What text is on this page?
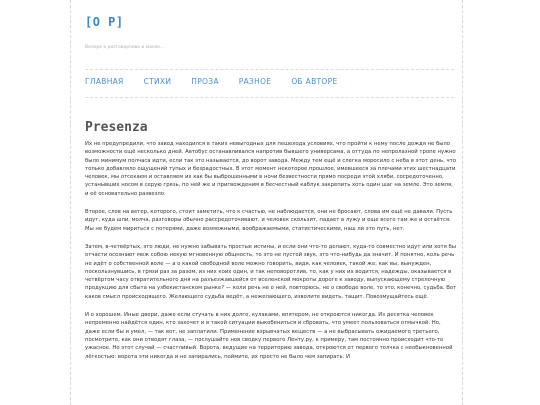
[O P]
Велорк о разговорчиво и маске...
ГЛАВНАЯ	СТИХИ	ПРОЗА	РАЗНОЕ	ОБ АВТОРЕ
Presenza

Их не предупредили, что завод находился в таких невыгодных для пешехода условиях, что пройти к нему после дождя не было возможности ещё несколько дней. Автобус останавливался напротив бывшего универсама, а оттуда по непролазной тропе нужно было минимум полчаса идти, если так это называется, до ворот завода. Между тем ещё и слегка моросило с неба в этот день, что только добавляло ощущений тупых и безрадостных. В этот момент некоторое прошлое, имевшееся за плечами этих шестнадцати человек, мы отсекаем и оставляем их как бы выброшенными в ночи безвестности прямо посреди этой хляби, сосредоточенно, устанывших носом в серую грязь, по ней же и пригвожденим в бесчестный каблук закрепить хоть один шаг на земле. Это земля, и её основательно развезло.

Второе, слов на ветер, которого, стоит заметить, что к счастью, не наблюдается, они не бросают, слова им ещё не давали. Пусть идут, куда шли, молча, разговоры обычно рассредоточивают, и человек скользит, падает в лужу и еще всего там же и остаётся. Мы не будем мириться с потерями, даже возможными, воображаемыми, статистическими, наш ли это путь, нет.

Затем, в-четвёртых, это люди, не нужно забывать простые истины, и если они что-то делают, куда-то совместно идут или хотя бы отчасти осознают меж собою некую мгновенную общность, то это не пустой звук, это что-нибудь да значит. И понятно, коль речь не идёт о собственной воле — а о какой свободной воле можно говорить, видя, как человек, такой же, как вы, вынужден, поскользнувшись, в грязи раз за разом, из них коих один, и так неповоротлив, то, как у них их водится, надежды, оказывается в четвёртом часу отвратительного дня на разъезжавшейся от вселенской мокроты дороге к заводу, выпускающему стрелочную продукцию для сбыта на узбекистанском рынке? — коли речь не о ней, повторюсь, не о свободе воле, то это, конечно, судьба. Вот каков смысл происходящего. Желающего судьба ведёт, а нежелающего, изволите видеть, тащит. Повозмущайтесь ещё.

И о хорошем. Иные двери, даже если стучать в них долго, кулаками, впятером, не откроются никогда. Из десятка человек непременно найдётся один, кто захочет и в такой ситуации выкобениться и сбровать, что умеет пользоваться отмычкой. Но, даже если бы и умел, — так вот, не заплатили. Применение взрывчатых веществ — а не выбрасывать ожидаемого третьего, посмотрите, как они отводят глаза, — послушайте нов сводку первого Ленту.ру, к примеру, там постоянно происходит что-то ужасное. Но этот случай — счастливый. Ворота, ведущие на территорию завода, откроются от первого толчка с необыкновенной лёгкостью: ворота эти никогда и не запирались, поймите, их просто не было чем запирать. И
